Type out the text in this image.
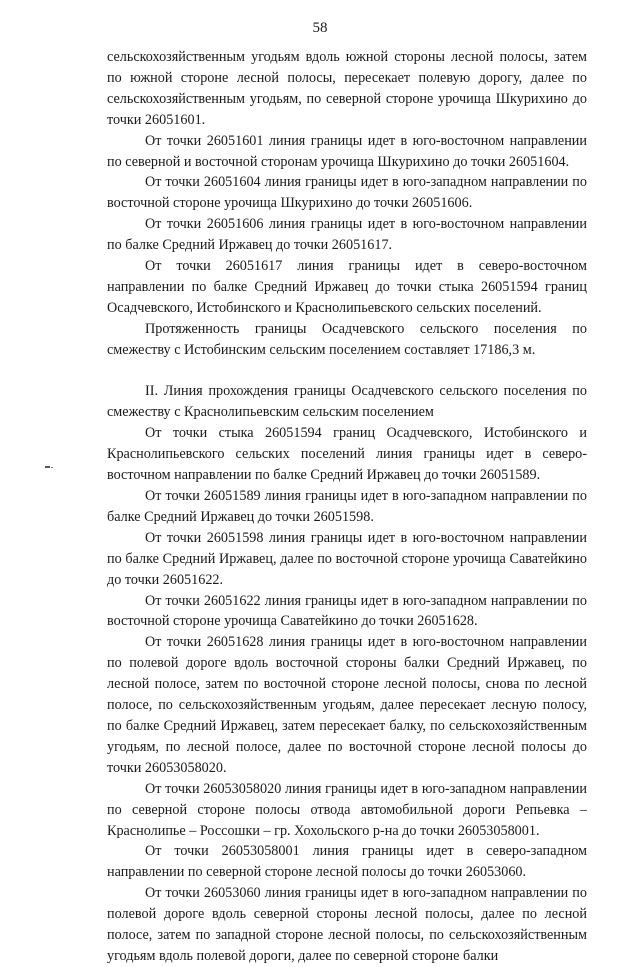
58

сельскохозяйственным угодьям вдоль южной стороны лесной полосы, затем по южной стороне лесной полосы, пересекает полевую дорогу, далее по сельскохозяйственным угодьям, по северной стороне урочища Шкурихино до точки 26051601.

От точки 26051601 линия границы идет в юго-восточном направлении по северной и восточной сторонам урочища Шкурихино до точки 26051604.

От точки 26051604 линия границы идет в юго-западном направлении по восточной стороне урочища Шкурихино до точки 26051606.

От точки 26051606 линия границы идет в юго-восточном направлении по балке Средний Иржавец до точки 26051617.

От точки 26051617 линия границы идет в северо-восточном направлении по балке Средний Иржавец до точки стыка 26051594 границ Осадчевского, Истобинского и Краснолипьевского сельских поселений.

Протяженность границы Осадчевского сельского поселения по смежеству с Истобинским сельским поселением составляет 17186,3 м.

II. Линия прохождения границы Осадчевского сельского поселения по смежеству с Краснолипьевским сельским поселением

От точки стыка 26051594 границ Осадчевского, Истобинского и Краснолипьевского сельских поселений линия границы идет в северо-восточном направлении по балке Средний Иржавец до точки 26051589.

От точки 26051589 линия границы идет в юго-западном направлении по балке Средний Иржавец до точки 26051598.

От точки 26051598 линия границы идет в юго-восточном направлении по балке Средний Иржавец, далее по восточной стороне урочища Саватейкино до точки 26051622.

От точки 26051622 линия границы идет в юго-западном направлении по восточной стороне урочища Саватейкино до точки 26051628.

От точки 26051628 линия границы идет в юго-восточном направлении по полевой дороге вдоль восточной стороны балки Средний Иржавец, по лесной полосе, затем по восточной стороне лесной полосы, снова по лесной полосе, по сельскохозяйственным угодьям, далее пересекает лесную полосу, по балке Средний Иржавец, затем пересекает балку, по сельскохозяйственным угодьям, по лесной полосе, далее по восточной стороне лесной полосы до точки 26053058020.

От точки 26053058020 линия границы идет в юго-западном направлении по северной стороне полосы отвода автомобильной дороги Репьевка – Краснолипье – Россошки – гр. Хохольского р-на до точки 26053058001.

От точки 26053058001 линия границы идет в северо-западном направлении по северной стороне лесной полосы до точки 26053060.

От точки 26053060 линия границы идет в юго-западном направлении по полевой дороге вдоль северной стороны лесной полосы, далее по лесной полосе, затем по западной стороне лесной полосы, по сельскохозяйственным угодьям вдоль полевой дороги, далее по северной стороне балки
